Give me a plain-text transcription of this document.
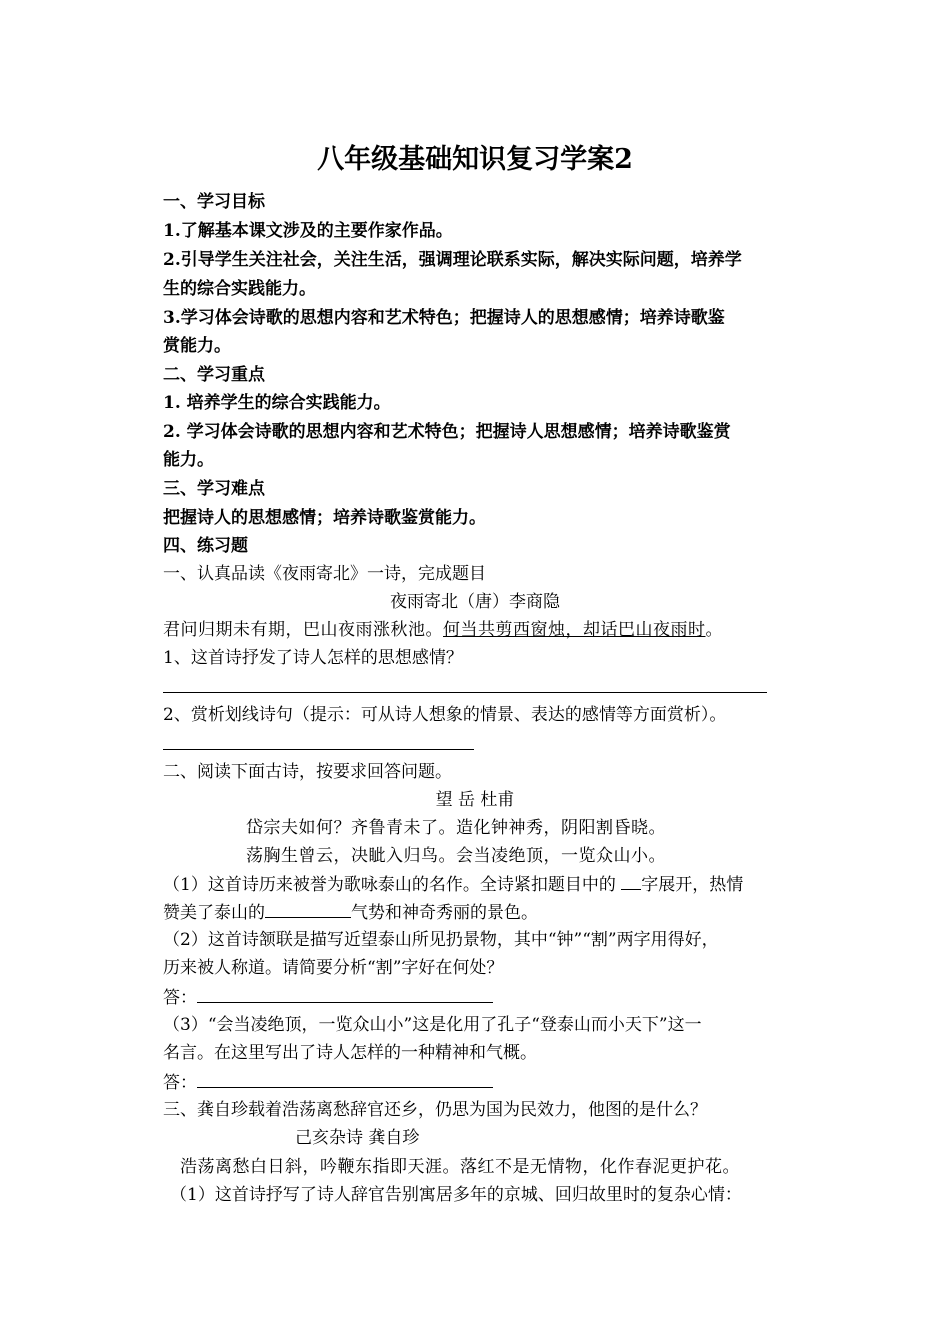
八年级基础知识复习学案2
一、学习目标
1.了解基本课文涉及的主要作家作品。
2.引导学生关注社会，关注生活，强调理论联系实际，解决实际问题，培养学
生的综合实践能力。
3.学习体会诗歌的思想内容和艺术特色；把握诗人的思想感情；培养诗歌鉴
赏能力。
二、学习重点
1. 培养学生的综合实践能力。
2. 学习体会诗歌的思想内容和艺术特色；把握诗人思想感情；培养诗歌鉴赏
能力。
三、学习难点
把握诗人的思想感情；培养诗歌鉴赏能力。
四、练习题
一、认真品读《夜雨寄北》一诗，完成题目
夜雨寄北（唐）李商隐
君问归期未有期，巴山夜雨涨秋池。何当共剪西窗烛，却话巴山夜雨时。
1、这首诗抒发了诗人怎样的思想感情？
2、赏析划线诗句（提示：可从诗人想象的情景、表达的感情等方面赏析）。
二、阅读下面古诗，按要求回答问题。
望 岳 杜甫
岱宗夫如何？齐鲁青未了。造化钟神秀，阴阳割昏晓。
荡胸生曾云，决眦入归鸟。会当凌绝顶，一览众山小。
（1）这首诗历来被誉为歌咏泰山的名作。全诗紧扣题目中的 字展开，热情
赞美了泰山的	气势和神奇秀丽的景色。
（2）这首诗颔联是描写近望泰山所见扔景物，其中“钟”“割”两字用得好，
历来被人称道。请简要分析“割”字好在何处？
答：
（3）“会当凌绝顶，一览众山小”这是化用了孔子“登泰山而小天下”这一
名言。在这里写出了诗人怎样的一种精神和气概。
答：
三、龚自珍载着浩荡离愁辞官还乡，仍思为国为民效力，他图的是什么？
己亥杂诗 龚自珍
浩荡离愁白日斜，吟鞭东指即天涯。落红不是无情物，化作春泥更护花。
（1）这首诗抒写了诗人辞官告别寓居多年的京城、回归故里时的复杂心情：
